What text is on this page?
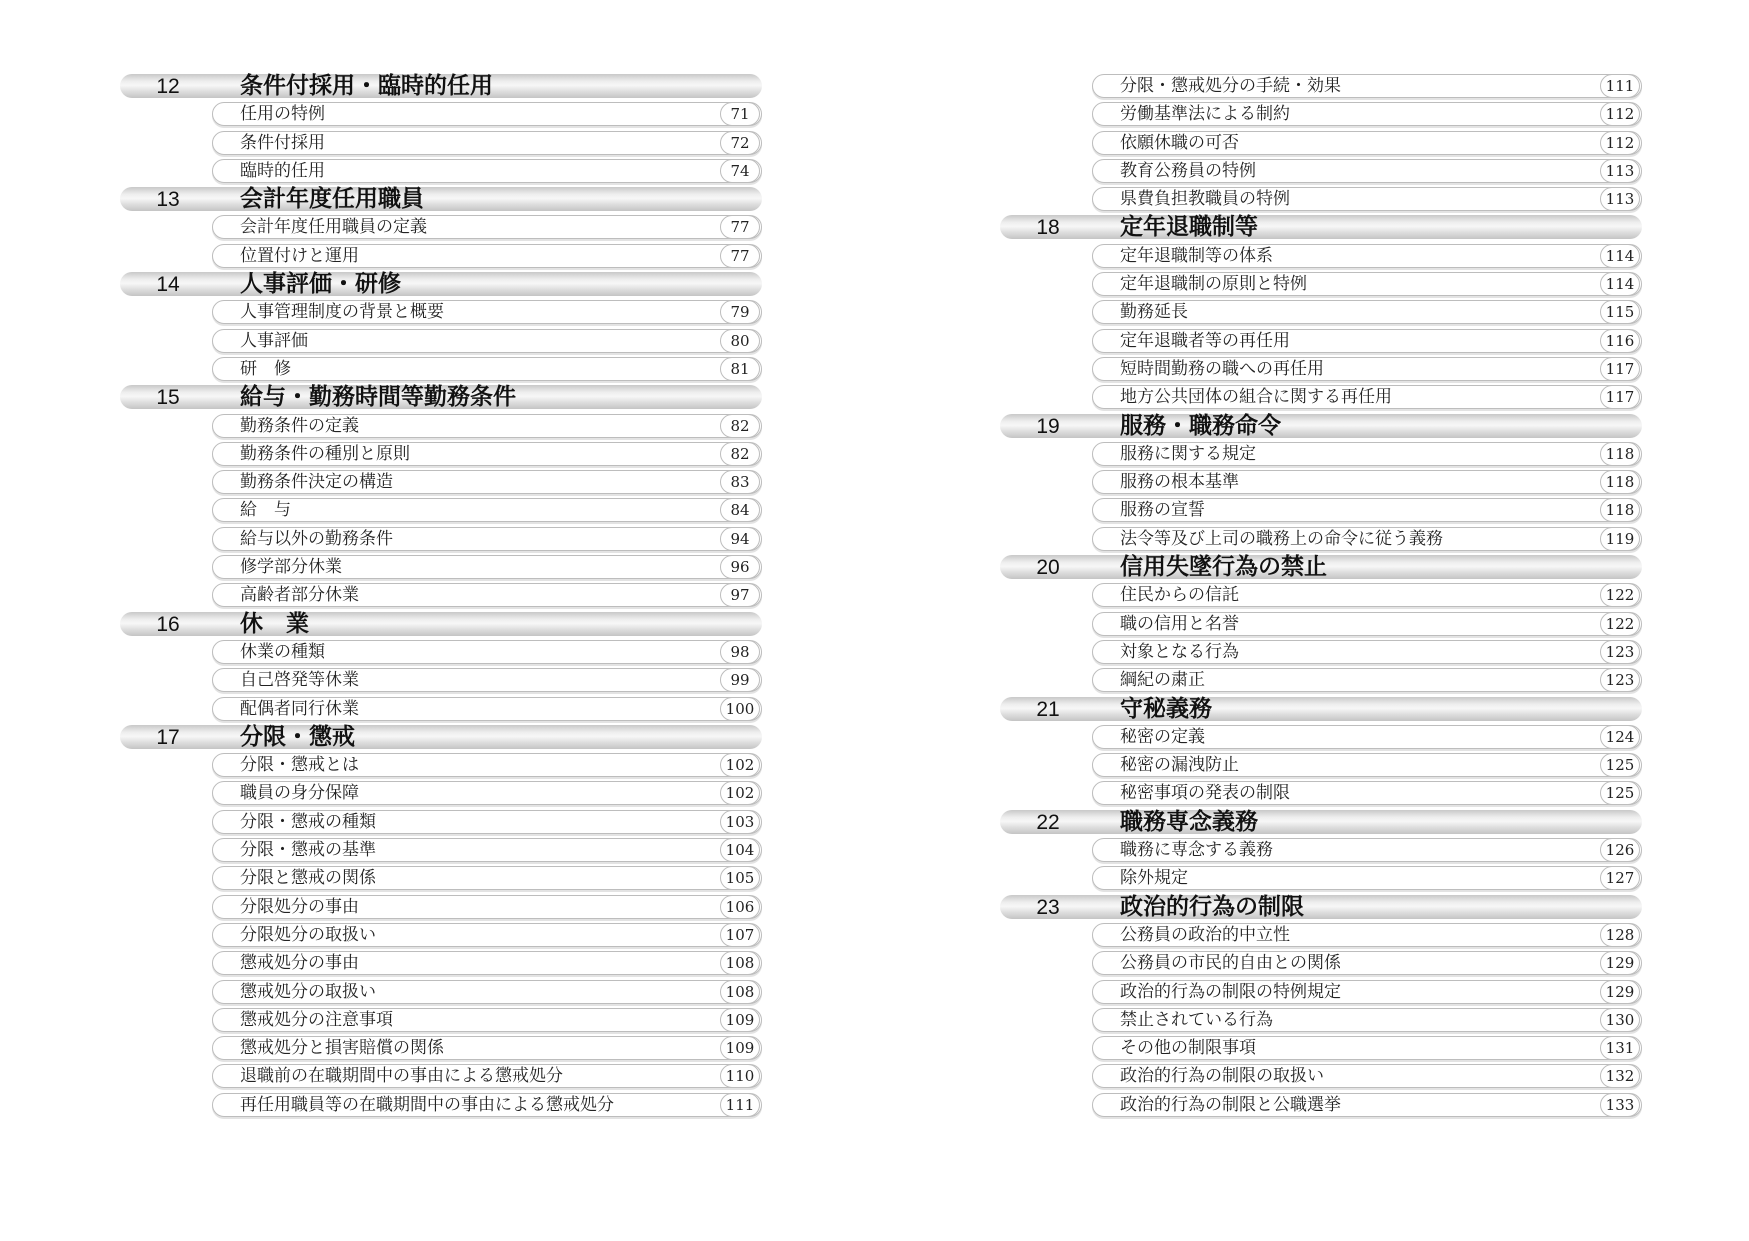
12	条件付採用・臨時的任用
任用の特例	71
条件付採用	72
臨時的任用	74
13	会計年度任用職員
会計年度任用職員の定義	77
位置付けと運用	77
14	人事評価・研修
人事管理制度の背景と概要	79
人事評価	80
研　修	81
15	給与・勤務時間等勤務条件
勤務条件の定義	82
勤務条件の種別と原則	82
勤務条件決定の構造	83
給　与	84
給与以外の勤務条件	94
修学部分休業	96
高齢者部分休業	97
16	休　業
休業の種類	98
自己啓発等休業	99
配偶者同行休業	100
17	分限・懲戒
分限・懲戒とは	102
職員の身分保障	102
分限・懲戒の種類	103
分限・懲戒の基準	104
分限と懲戒の関係	105
分限処分の事由	106
分限処分の取扱い	107
懲戒処分の事由	108
懲戒処分の取扱い	108
懲戒処分の注意事項	109
懲戒処分と損害賠償の関係	109
退職前の在職期間中の事由による懲戒処分	110
再任用職員等の在職期間中の事由による懲戒処分	111
分限・懲戒処分の手続・効果	111
労働基準法による制約	112
依願休職の可否	112
教育公務員の特例	113
県費負担教職員の特例	113
18	定年退職制等
定年退職制等の体系	114
定年退職制の原則と特例	114
勤務延長	115
定年退職者等の再任用	116
短時間勤務の職への再任用	117
地方公共団体の組合に関する再任用	117
19	服務・職務命令
服務に関する規定	118
服務の根本基準	118
服務の宣誓	118
法令等及び上司の職務上の命令に従う義務	119
20	信用失墜行為の禁止
住民からの信託	122
職の信用と名誉	122
対象となる行為	123
綱紀の粛正	123
21	守秘義務
秘密の定義	124
秘密の漏洩防止	125
秘密事項の発表の制限	125
22	職務専念義務
職務に専念する義務	126
除外規定	127
23	政治的行為の制限
公務員の政治的中立性	128
公務員の市民的自由との関係	129
政治的行為の制限の特例規定	129
禁止されている行為	130
その他の制限事項	131
政治的行為の制限の取扱い	132
政治的行為の制限と公職選挙	133
